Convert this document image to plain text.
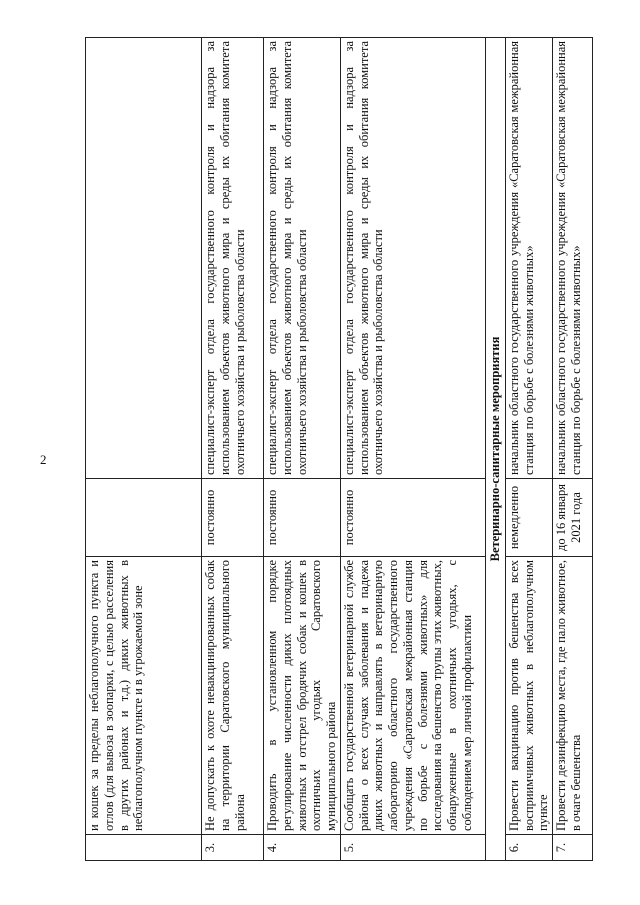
2
	и кошек за пределы неблагополучного пункта и отлов (для вывоза в зоопарки, с целью расселения в других районах и т.д.) диких животных в неблагополучном пункте и в угрожаемой зоне		
3.	Не допускать к охоте невакцинированных собак на территории Саратовского муниципального района	постоянно	специалист-эксперт отдела государственного контроля и надзора за использованием объектов животного мира и среды их обитания комитета охотничьего хозяйства и рыболовства области
4.	Проводить в установленном порядке регулирование численности диких плотоядных животных и отстрел бродячих собак и кошек в охотничьих угодьях Саратовского муниципального района	постоянно	специалист-эксперт отдела государственного контроля и надзора за использованием объектов животного мира и среды их обитания комитета охотничьего хозяйства и рыболовства области
5.	Сообщать государственной ветеринарной службе района о всех случаях заболевания и падежа диких животных и направлять в ветеринарную лабораторию областного государственного учреждения «Саратовская межрайонная станция по борьбе с болезнями животных» для исследования на бешенство трупы этих животных, обнаруженные в охотничьих угодьях, с соблюдением мер личной профилактики	постоянно	специалист-эксперт отдела государственного контроля и надзора за использованием объектов животного мира и среды их обитания комитета охотничьего хозяйства и рыболовства области
Ветеринарно-санитарные мероприятия			
6.	Провести вакцинацию против бешенства всех восприимчивых животных в неблагополучном пункте	немедленно	начальник областного государственного учреждения «Саратовская межрайонная станция по борьбе с болезнями животных»
7.	Провести дезинфекцию места, где пало животное, в очаге бешенства	до 16 января 2021 года	начальник областного государственного учреждения «Саратовская межрайонная станция по борьбе с болезнями животных»
